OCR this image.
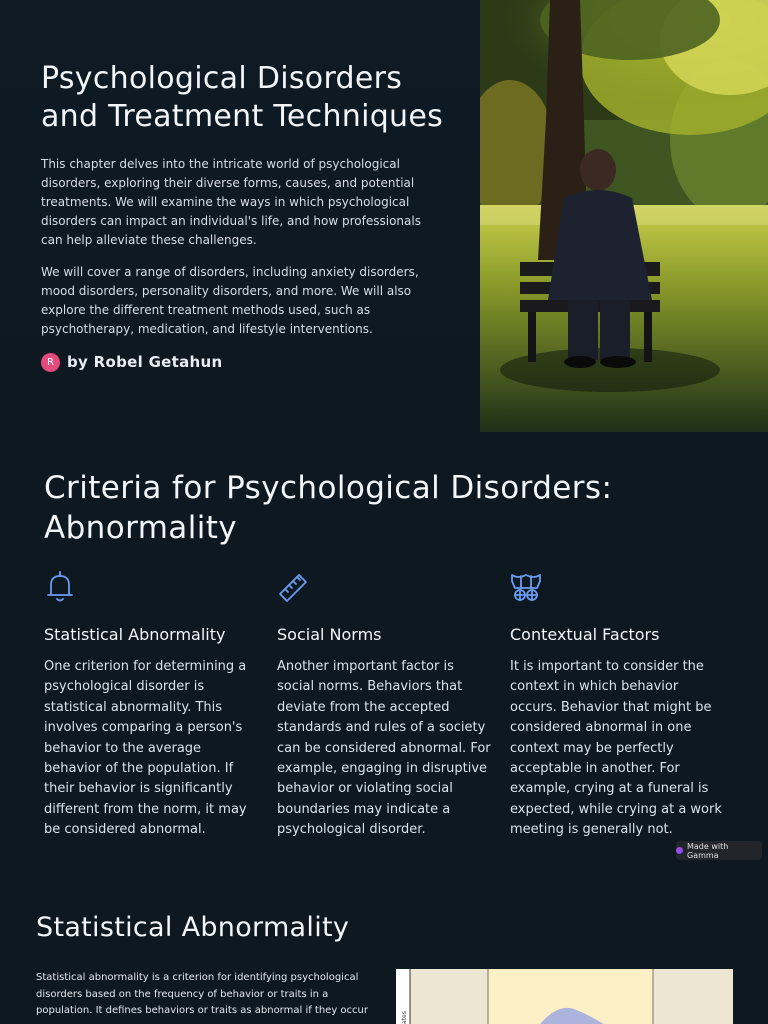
Psychological Disorders and Treatment Techniques

This chapter delves into the intricate world of psychological disorders, exploring their diverse forms, causes, and potential treatments. We will examine the ways in which psychological disorders can impact an individual's life, and how professionals can help alleviate these challenges.

We will cover a range of disorders, including anxiety disorders, mood disorders, personality disorders, and more. We will also explore the different treatment methods used, such as psychotherapy, medication, and lifestyle interventions.

R by Robel Getahun
Criteria for Psychological Disorders: Abnormality
Statistical Abnormality
One criterion for determining a psychological disorder is statistical abnormality. This involves comparing a person's behavior to the average behavior of the population. If their behavior is significantly different from the norm, it may be considered abnormal.
Social Norms
Another important factor is social norms. Behaviors that deviate from the accepted standards and rules of a society can be considered abnormal. For example, engaging in disruptive behavior or violating social boundaries may indicate a psychological disorder.
Contextual Factors
It is important to consider the context in which behavior occurs. Behavior that might be considered abnormal in one context may be perfectly acceptable in another. For example, crying at a funeral is expected, while crying at a work meeting is generally not.
Made with Gamma
Statistical Abnormality

Statistical abnormality is a criterion for identifying psychological disorders based on the frequency of behavior or traits in a population. It defines behaviors or traits as abnormal if they occur

ates
